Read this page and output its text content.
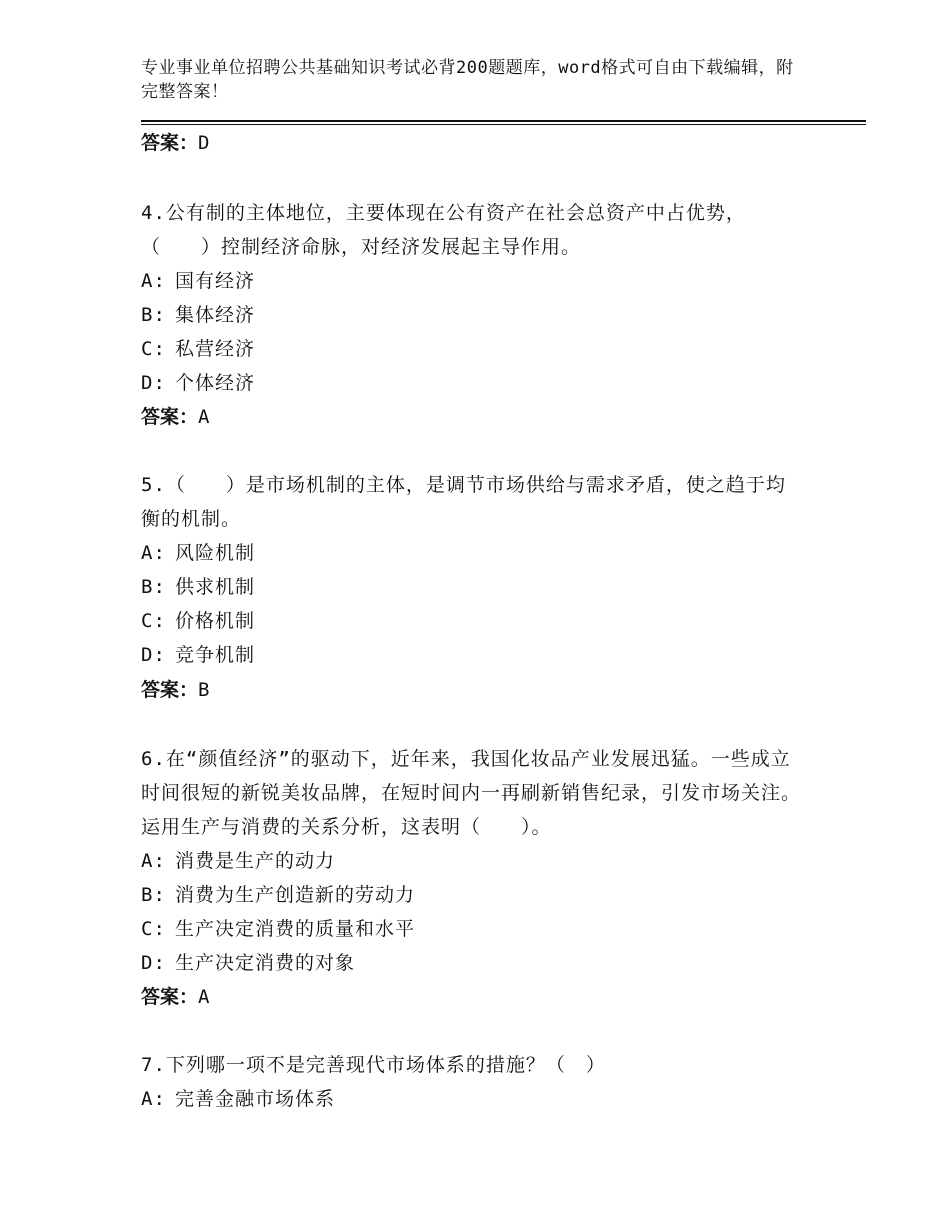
专业事业单位招聘公共基础知识考试必背200题题库，word格式可自由下载编辑，附完整答案！
答案：D
4.公有制的主体地位，主要体现在公有资产在社会总资产中占优势，（　　）控制经济命脉，对经济发展起主导作用。
A: 国有经济
B: 集体经济
C: 私营经济
D: 个体经济
答案：A
5.（　　）是市场机制的主体，是调节市场供给与需求矛盾，使之趋于均衡的机制。
A: 风险机制
B: 供求机制
C: 价格机制
D: 竞争机制
答案：B
6.在“颜值经济”的驱动下，近年来，我国化妆品产业发展迅猛。一些成立时间很短的新锐美妆品牌，在短时间内一再刷新销售纪录，引发市场关注。运用生产与消费的关系分析，这表明（　　）。
A: 消费是生产的动力
B: 消费为生产创造新的劳动力
C: 生产决定消费的质量和水平
D: 生产决定消费的对象
答案：A
7.下列哪一项不是完善现代市场体系的措施？（　）
A: 完善金融市场体系
